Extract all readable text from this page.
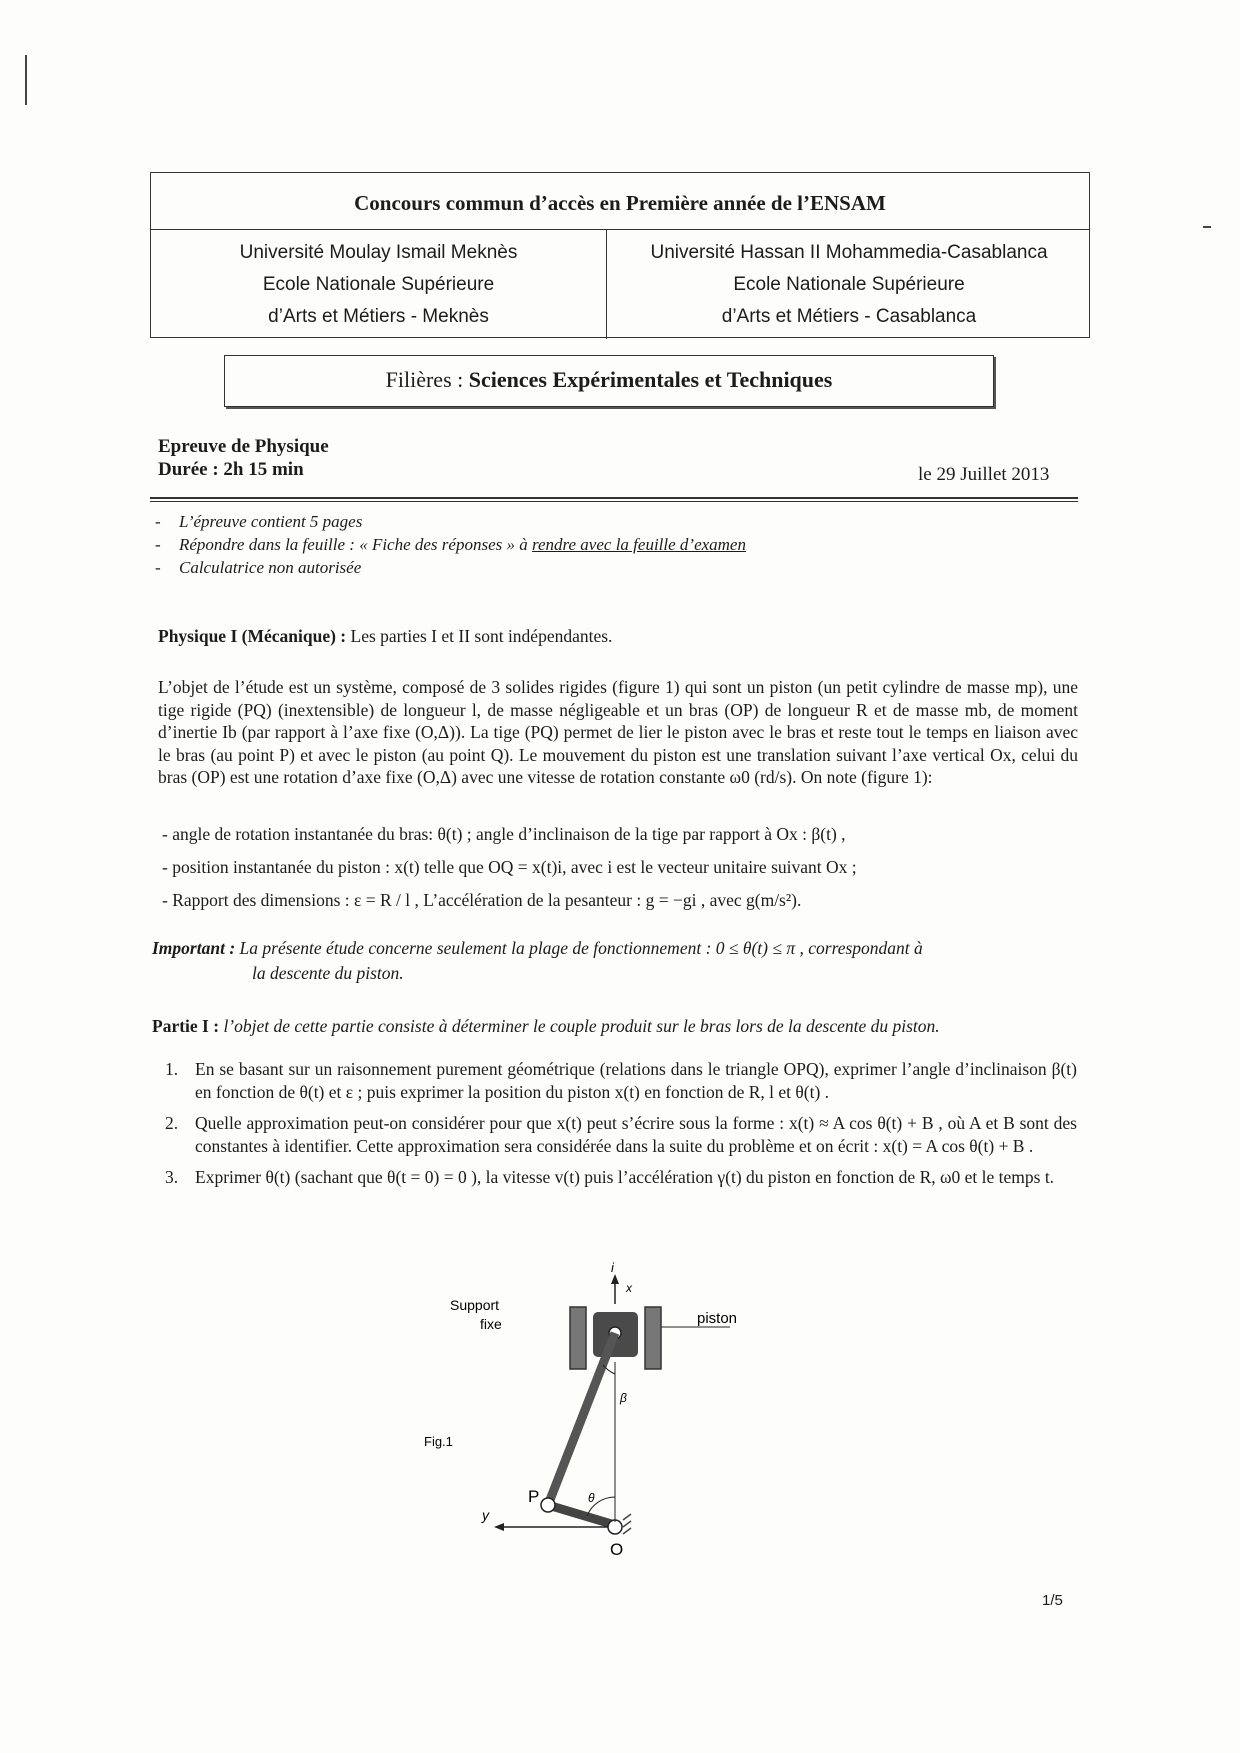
Concours commun d’accès en Première année de l’ENSAM
Université Moulay Ismail Meknès
Ecole Nationale Supérieure
d’Arts et Métiers - Meknès
Université Hassan II Mohammedia-Casablanca
Ecole Nationale Supérieure
d’Arts et Métiers - Casablanca
Filières : Sciences Expérimentales et Techniques
Epreuve de Physique
Durée : 2h 15 min	le 29 Juillet 2013
- L’épreuve contient 5 pages
- Répondre dans la feuille : « Fiche des réponses » à rendre avec la feuille d’examen
- Calculatrice non autorisée
Physique I (Mécanique) : Les parties I et II sont indépendantes.
L’objet de l’étude est un système, composé de 3 solides rigides (figure 1) qui sont un piston (un petit cylindre de masse mp), une tige rigide (PQ) (inextensible) de longueur l, de masse négligeable et un bras (OP) de longueur R et de masse mb, de moment d’inertie Ib (par rapport à l’axe fixe (O,Δ)). La tige (PQ) permet de lier le piston avec le bras et reste tout le temps en liaison avec le bras (au point P) et avec le piston (au point Q). Le mouvement du piston est une translation suivant l’axe vertical Ox, celui du bras (OP) est une rotation d’axe fixe (O,Δ) avec une vitesse de rotation constante ω0 (rd/s). On note (figure 1):
- angle de rotation instantanée du bras: θ(t) ; angle d’inclinaison de la tige par rapport à Ox : β(t) ,
- position instantanée du piston : x(t) telle que OQ = x(t)i, avec i est le vecteur unitaire suivant Ox ;
- Rapport des dimensions : ε = R / l , L’accélération de la pesanteur : g = −gi , avec g(m/s²).
Important : La présente étude concerne seulement la plage de fonctionnement : 0 ≤ θ(t) ≤ π , correspondant à
la descente du piston.
Partie I : l’objet de cette partie consiste à déterminer le couple produit sur le bras lors de la descente du piston.
1. En se basant sur un raisonnement purement géométrique (relations dans le triangle OPQ), exprimer l’angle d’inclinaison β(t) en fonction de θ(t) et ε ; puis exprimer la position du piston x(t) en fonction de R, l et θ(t) .
2. Quelle approximation peut-on considérer pour que x(t) peut s’écrire sous la forme : x(t) ≈ A cos θ(t) + B , où A et B sont des constantes à identifier. Cette approximation sera considérée dans la suite du problème et on écrit : x(t) = A cos θ(t) + B .
3. Exprimer θ(t) (sachant que θ(t = 0) = 0 ), la vitesse v(t) puis l’accélération γ(t) du piston en fonction de R, ω0 et le temps t.
Support
fixe	piston
i
x
y
β
θ
P
O
Fig.1
1/5
